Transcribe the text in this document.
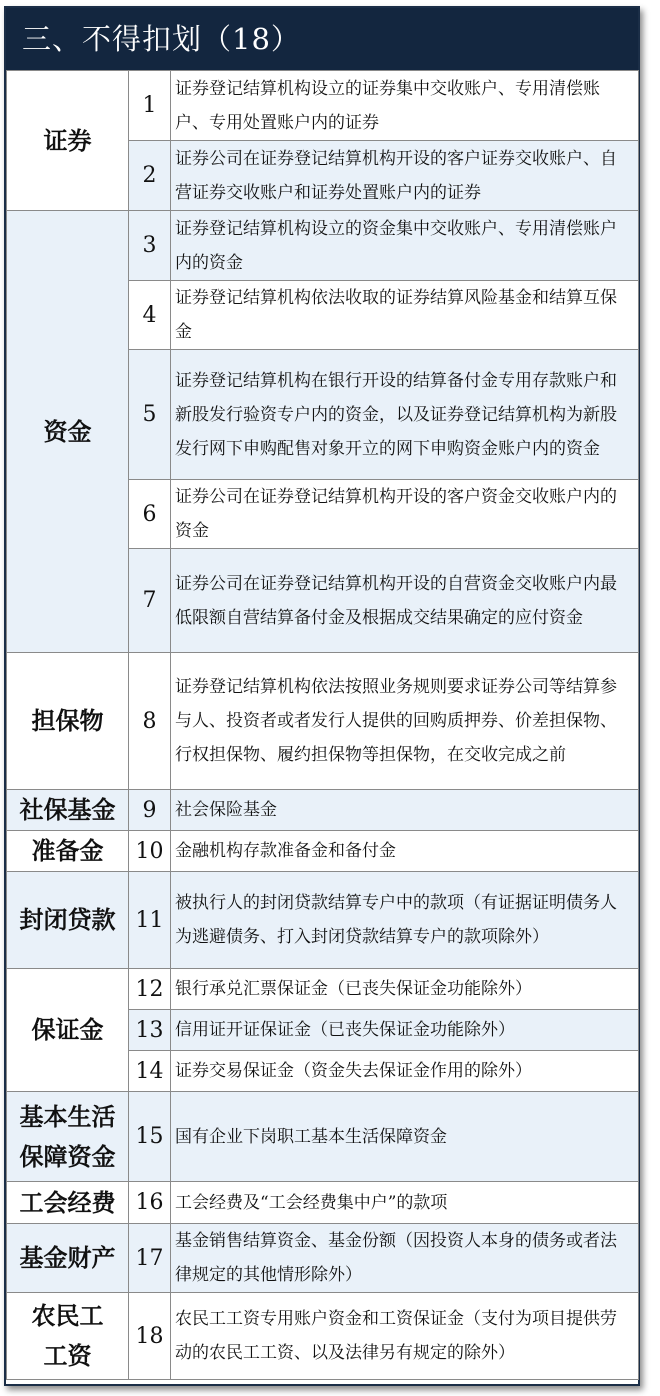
三、不得扣划（18）
证券	1	证券登记结算机构设立的证券集中交收账户、专用清偿账户、专用处置账户内的证券
	2	证券公司在证券登记结算机构开设的客户证券交收账户、自营证券交收账户和证券处置账户内的证券

资金	3	证券登记结算机构设立的资金集中交收账户、专用清偿账户内的资金
	4	证券登记结算机构依法收取的证券结算风险基金和结算互保金
	5	证券登记结算机构在银行开设的结算备付金专用存款账户和新股发行验资专户内的资金，以及证券登记结算机构为新股发行网下申购配售对象开立的网下申购资金账户内的资金
	6	证券公司在证券登记结算机构开设的客户资金交收账户内的资金
	7	证券公司在证券登记结算机构开设的自营资金交收账户内最低限额自营结算备付金及根据成交结果确定的应付资金

担保物	8	证券登记结算机构依法按照业务规则要求证券公司等结算参与人、投资者或者发行人提供的回购质押券、价差担保物、行权担保物、履约担保物等担保物，在交收完成之前

社保基金	9	社会保险基金

准备金	10	金融机构存款准备金和备付金

封闭贷款	11	被执行人的封闭贷款结算专户中的款项（有证据证明债务人为逃避债务、打入封闭贷款结算专户的款项除外）

保证金	12	银行承兑汇票保证金（已丧失保证金功能除外）
	13	信用证开证保证金（已丧失保证金功能除外）
	14	证券交易保证金（资金失去保证金作用的除外）

基本生活
保障资金	15	国有企业下岗职工基本生活保障资金

工会经费	16	工会经费及“工会经费集中户”的款项

基金财产	17	基金销售结算资金、基金份额（因投资人本身的债务或者法律规定的其他情形除外）

农民工
工资	18	农民工工资专用账户资金和工资保证金（支付为项目提供劳动的农民工工资、以及法律另有规定的除外）
